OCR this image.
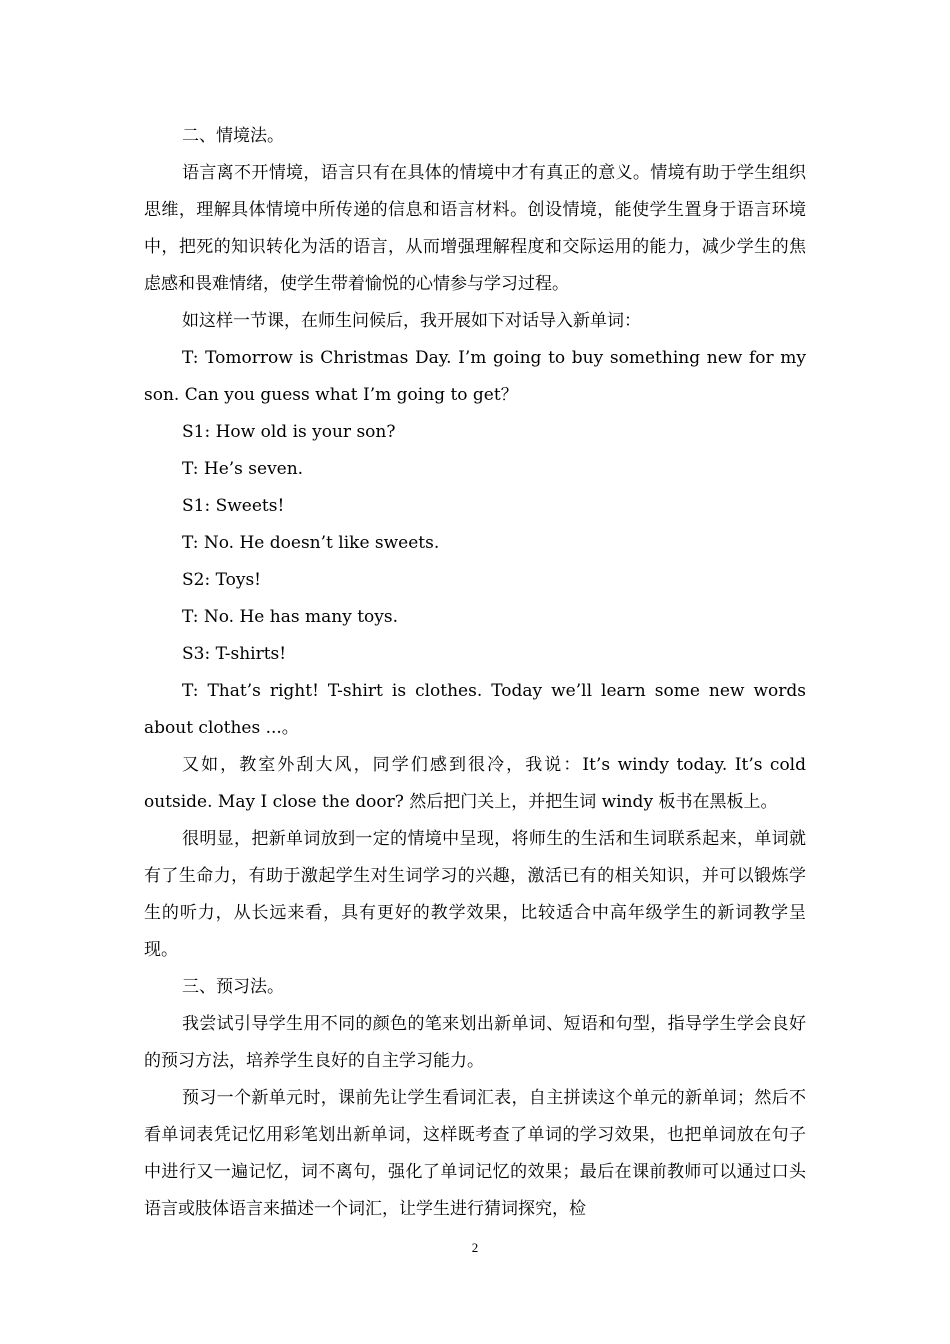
二、情境法。

语言离不开情境，语言只有在具体的情境中才有真正的意义。情境有助于学生组织思维，理解具体情境中所传递的信息和语言材料。创设情境，能使学生置身于语言环境中，把死的知识转化为活的语言，从而增强理解程度和交际运用的能力，减少学生的焦虑感和畏难情绪，使学生带着愉悦的心情参与学习过程。

如这样一节课，在师生问候后，我开展如下对话导入新单词：

T: Tomorrow is Christmas Day. I’m going to buy something new for my son. Can you guess what I’m going to get？

S1: How old is your son?

T: He’s seven.

S1: Sweets!

T: No. He doesn’t like sweets.

S2: Toys!

T: No. He has many toys.

S3: T-shirts!

T: That’s right! T-shirt is clothes. Today we’ll learn some new words about clothes ...。

又如，教室外刮大风，同学们感到很冷，我说：It’s windy today. It’s cold outside. May I close the door? 然后把门关上，并把生词 windy 板书在黑板上。

很明显，把新单词放到一定的情境中呈现，将师生的生活和生词联系起来，单词就有了生命力，有助于激起学生对生词学习的兴趣，激活已有的相关知识，并可以锻炼学生的听力，从长远来看，具有更好的教学效果，比较适合中高年级学生的新词教学呈现。

三、预习法。

我尝试引导学生用不同的颜色的笔来划出新单词、短语和句型，指导学生学会良好的预习方法，培养学生良好的自主学习能力。

预习一个新单元时，课前先让学生看词汇表，自主拼读这个单元的新单词；然后不看单词表凭记忆用彩笔划出新单词，这样既考查了单词的学习效果，也把单词放在句子中进行又一遍记忆，词不离句，强化了单词记忆的效果；最后在课前教师可以通过口头语言或肢体语言来描述一个词汇，让学生进行猜词探究，检

2
